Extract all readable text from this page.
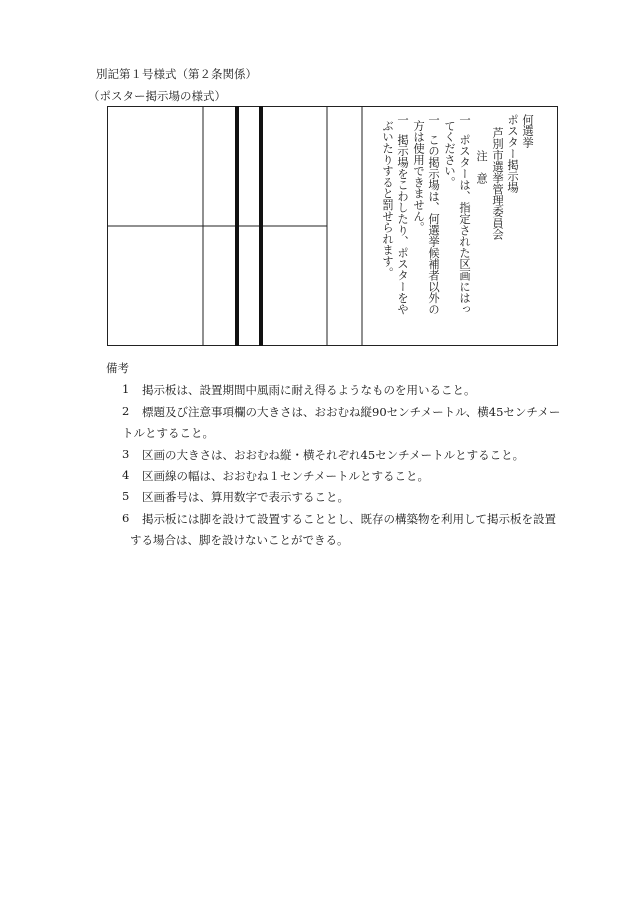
別記第１号様式（第２条関係）
（ポスター掲示場の様式）
何選挙
ポスター掲示場
芦別市選挙管理委員会
注　意
一
ポスターは、指定された区画にはっ
てください。
一
この掲示場は、何選挙候補者以外の
方は使用できません。
一
掲示場をこわしたり、ポスターをや
ぶいたりすると罰せられます。
備考
1	掲示板は、設置期間中風雨に耐え得るようなものを用いること。
2	標題及び注意事項欄の大きさは、おおむね縦90センチメートル、横45センチメー
トルとすること。
3	区画の大きさは、おおむね縦・横それぞれ45センチメートルとすること。
4	区画線の幅は、おおむね１センチメートルとすること。
5	区画番号は、算用数字で表示すること。
6	掲示板には脚を設けて設置することとし、既存の構築物を利用して掲示板を設置
する場合は、脚を設けないことができる。
